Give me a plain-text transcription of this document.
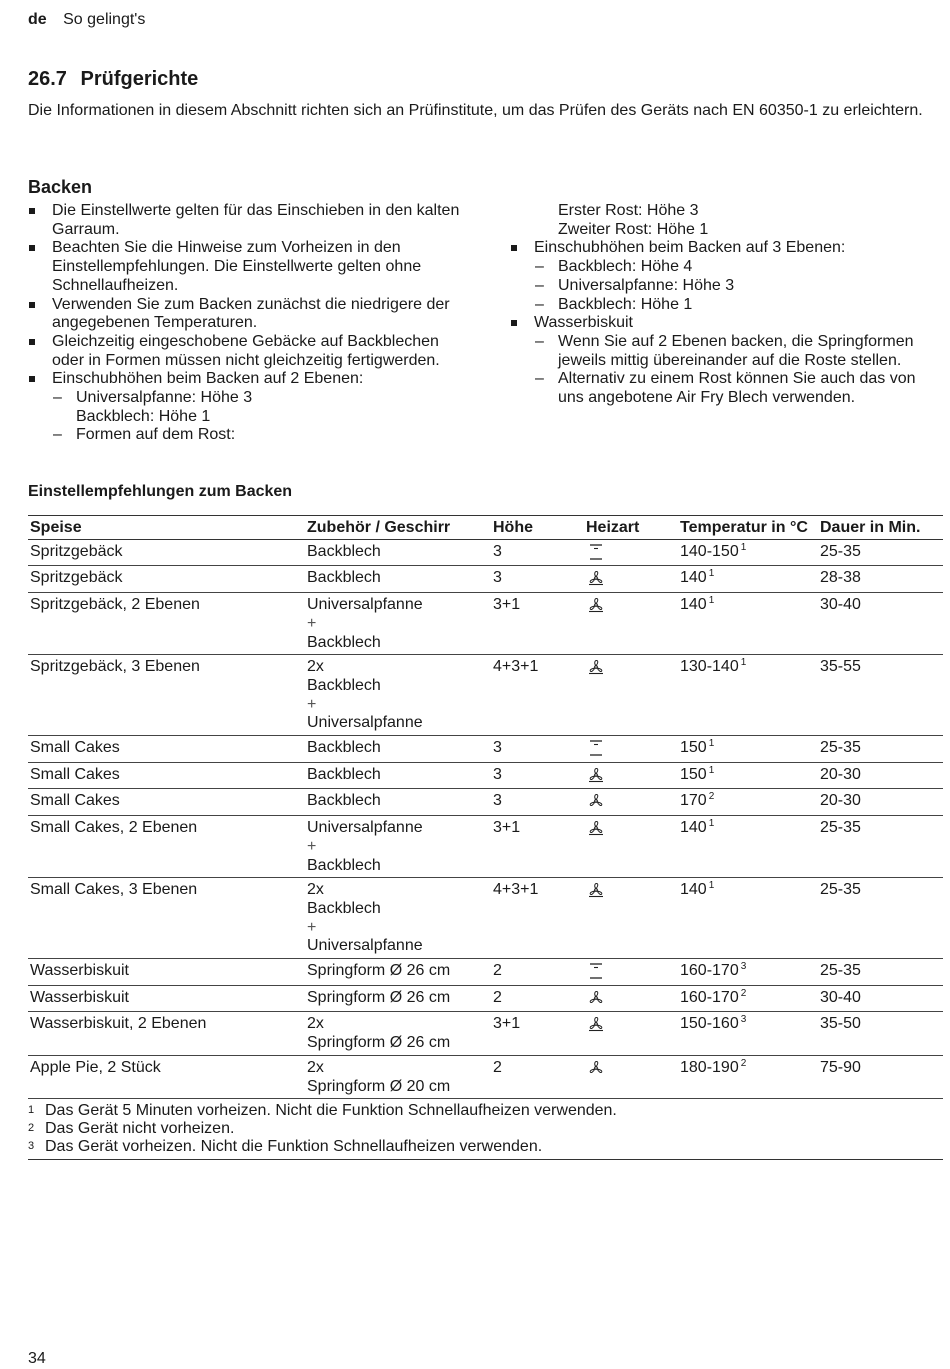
de So gelingt's
26.7 Prüfgerichte

Die Informationen in diesem Abschnitt richten sich an Prüfinstitute, um das Prüfen des Geräts nach EN 60350-1 zu erleichtern.

Backen
Die Einstellwerte gelten für das Einschieben in den kalten Garraum.
Beachten Sie die Hinweise zum Vorheizen in den Einstellempfehlungen. Die Einstellwerte gelten ohne Schnellaufheizen.
Verwenden Sie zum Backen zunächst die niedrigere der angegebenen Temperaturen.
Gleichzeitig eingeschobene Gebäcke auf Backblechen oder in Formen müssen nicht gleichzeitig fertigwerden.
Einschubhöhen beim Backen auf 2 Ebenen:
– Universalpfanne: Höhe 3
Backblech: Höhe 1
– Formen auf dem Rost:
Erster Rost: Höhe 3
Zweiter Rost: Höhe 1
Einschubhöhen beim Backen auf 3 Ebenen:
– Backblech: Höhe 4
– Universalpfanne: Höhe 3
– Backblech: Höhe 1
Wasserbiskuit
– Wenn Sie auf 2 Ebenen backen, die Springformen jeweils mittig übereinander auf die Roste stellen.
– Alternativ zu einem Rost können Sie auch das von uns angebotene Air Fry Blech verwenden.
Einstellempfehlungen zum Backen
Speise	Zubehör / Geschirr	Höhe	Heizart	Temperatur in °C	Dauer in Min.
Spritzgebäck	Backblech	3		140-150 $^1$	25-35
Spritzgebäck	Backblech	3		140 $^1$	28-38
Spritzgebäck, 2 Ebenen	Universalpfanne
+
Backblech	3+1		140 $^1$	30-40
Spritzgebäck, 3 Ebenen	2x
Backblech
+
Universalpfanne	4+3+1		130-140 $^1$	35-55
Small Cakes	Backblech	3		150 $^1$	25-35
Small Cakes	Backblech	3		150 $^1$	20-30
Small Cakes	Backblech	3		170 $^2$	20-30
Small Cakes, 2 Ebenen	Universalpfanne
+
Backblech	3+1		140 $^1$	25-35
Small Cakes, 3 Ebenen	2x
Backblech
+
Universalpfanne	4+3+1		140 $^1$	25-35
Wasserbiskuit	Springform Ø 26 cm	2		160-170 $^3$	25-35
Wasserbiskuit	Springform Ø 26 cm	2		160-170 $^2$	30-40
Wasserbiskuit, 2 Ebenen	2x
Springform Ø 26 cm	3+1		150-160 $^3$	35-50
Apple Pie, 2 Stück	2x
Springform Ø 20 cm	2		180-190 $^2$	75-90
1 Das Gerät 5 Minuten vorheizen. Nicht die Funktion Schnellaufheizen verwenden.
2 Das Gerät nicht vorheizen.
3 Das Gerät vorheizen. Nicht die Funktion Schnellaufheizen verwenden.
34
